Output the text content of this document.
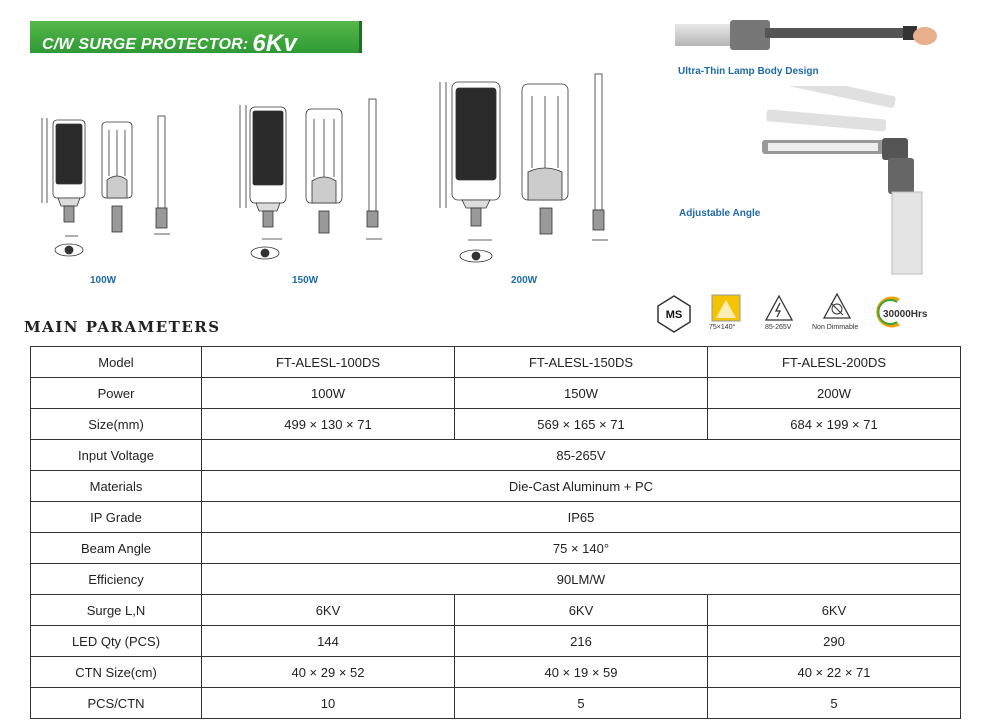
C/W SURGE PROTECTOR: 6Kv
100W	150W	200W
Ultra-Thin Lamp Body Design
Adjustable Angle
MS
75×140°	85-265V	Non Dimmable
30000Hrs
MAIN PARAMETERS
Model	FT-ALESL-100DS	FT-ALESL-150DS	FT-ALESL-200DS
Power	100W	150W	200W
Size(mm)	499 × 130 × 71	569 × 165 × 71	684 × 199 × 71
Input Voltage	85-265V		
Materials	Die-Cast Aluminum + PC		
IP Grade	IP65		
Beam Angle	75 × 140°		
Efficiency	90LM/W		
Surge L,N	6KV	6KV	6KV
LED Qty (PCS)	144	216	290
CTN Size(cm)	40 × 29 × 52	40 × 19 × 59	40 × 22 × 71
PCS/CTN	10	5	5
